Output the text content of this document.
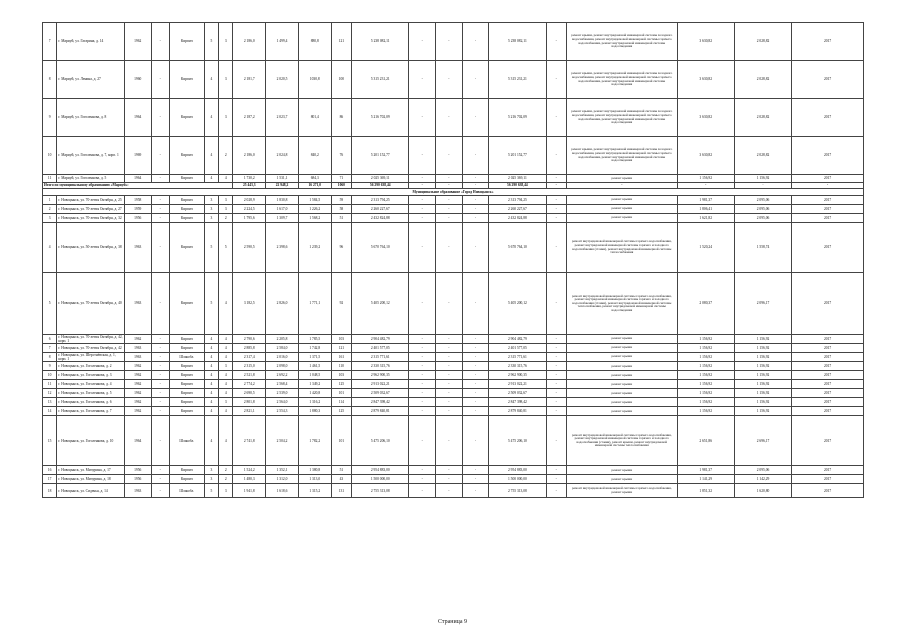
7	г. Мариуй, ул. Гагарина, д. 14	1962	-	Кирпич	5	3	2 186,0	1 499,4	880,8	121	5 238 082,11	-	-	-	5 238 082,11	-	ремонт крыши, ремонт внутридомовой инженерной системы холодного водоснабжения, ремонт внутридомовой инженерной системы горячего водоснабжения, ремонт внутридомовой инженерной системы водоотведения	3 630,82	2 028,82	2017
8	г. Мариуй, ул. Ленина, д. 27	1960	-	Кирпич	4	3	2 181,7	2 020,5	1030,8	100	5 315 231,21	-	-	-	5 315 231,21	-	ремонт крыши, ремонт внутридомовой инженерной системы холодного водоснабжения, ремонт внутридомовой инженерной системы горячего водоснабжения, ремонт внутридомовой инженерной системы водоотведения	3 630,82	2 028,82	2017
9	г. Мариуй, ул. Гоголенкова, д. 8	1964	-	Кирпич	4	3	2 187,2	2 023,7	801,4	86	5 216 702,09	-	-	-	5 216 702,09	-	ремонт крыши, ремонт внутридомовой инженерной системы холодного водоснабжения, ремонт внутридомовой инженерной системы горячего водоснабжения, ремонт внутридомовой инженерной системы водоотведения	3 630,82	2 028,82	2017
10	г. Мариуй, ул. Гоголенкова, д. 7, корп. 1	1969	-	Кирпич	4	2	2 186,0	2 024,8	840,2	76	5 201 152,77	-	-	-	5 201 152,77	-	ремонт крыши, ремонт внутридомовой инженерной системы холодного водоснабжения, ремонт внутридомовой инженерной системы горячего водоснабжения, ремонт внутридомовой инженерной системы водоотведения	3 630,82	2 028,82	2017
11	г. Мариуй, ул. Гоголенкова, д. 5	1964	-	Кирпич	4	4	1 730,2	1 531,1	684,3	71	2 025 369,11	-	-	-	2 025 369,11	-	ремонт крыши	1 156,92	1 156,92	2017
Итого по муниципальному образованию «Мариуй»:							25 443,3	22 948,2	16 271,0	1060	56 290 638,44	-	-	-	56 290 638,44	-	-	-	-	-
Муниципальное образование «Город Новоцынск»																				
1	г. Новоцынск, ул. 70-летия Октября, д. 25	1958	-	Кирпич	3	3	2 028,9	1 830,8	1 584,5	59	2 313 794,25	-	-	-	2 313 794,25	-	ремонт крыши	1 981,37	2 095,06	2017
2	г. Новоцынск, ул. 70-летия Октября, д. 27	1959	-	Кирпич	3	3	2 224,5	1 617,0	1 226,2	58	2 260 227,67	-	-	-	2 260 227,67	-	ремонт крыши	1 806,41	2 095,06	2017
3	г. Новоцынск, ул. 70-летия Октября, д. 32	1956	-	Кирпич	3	2	1 795,6	1 309,7	1 568,2	51	2 432 824,88	-	-	-	2 432 824,88	-	ремонт крыши	1 621,82	2 095,06	2017
4	г. Новоцынск, ул. 50-летия Октября, д. 38	1963	-	Кирпич	5	5	2 590,5	2 398,6	1 239,2	96	5 670 764,10	-	-	-	5 670 764,10	-	ремонт внутридомовой инженерной системы горячего водоснабжения, ремонт внутридомовой инженерной системы горячего и холодного водоснабжения (стояки), ремонт внутридомовой инженерной системы теплоснабжения	1 520,24	1 558,74	2017
5	г. Новоцынск, ул. 70-летия Октября, д. 40	1963	-	Кирпич	5	4	3 182,5	2 826,0	1 771,1	92	5 405 200,12	-	-	-	5 405 200,12	-	ремонт внутридомовой инженерной системы горячего водоснабжения, ремонт внутридомовой инженерной системы горячего и холодного водоснабжения (стояки), ремонт внутридомовой инженерной системы теплоснабжения, ремонт внутридомовой инженерной системы водоотведения	2 080,37	2 096,17	2017
6	г. Новоцынск, ул. 70-летия Октября, д. 42, корп. 1	1962	-	Кирпич	4	4	2 790,6	2 205,8	1 785,5	103	2 904 482,79	-	-	-	2 904 482,79	-	ремонт крыши	1 156,92	1 156,92	2017
7	г. Новоцынск, ул. 70-летия Октября, д. 42	1963	-	Кирпич	4	4	2 885,8	2 584,0	1 742,8	121	2 401 577,05	-	-	-	2 401 577,05	-	ремонт крыши	1 156,92	1 156,92	2017
8	г. Новоцынск, ул. Шерстнёвская, д. 1, корп. 1	1963	-	Шлакобл.	4	4	2 317,4	2 016,0	1 371,5	161	2 315 771,61	-	-	-	2 315 771,61	-	ремонт крыши	1 156,92	1 156,92	2017
9	г. Новоцынск, ул. Гоголенкова, д. 2	1962	-	Кирпич	4	3	2 315,0	2 098,0	1 461,5	110	2 330 315,76	-	-	-	2 330 315,76	-	ремонт крыши	1 156,92	1 156,92	2017
10	г. Новоцынск, ул. Гоголенкова, д. 3	1962	-	Кирпич	4	4	2 521,8	2 692,2	1 048,5	103	2 962 900,35	-	-	-	2 962 900,35	-	ремонт крыши	1 156,92	1 156,92	2017
11	г. Новоцынск, ул. Гоголенкова, д. 4	1962	-	Кирпич	4	4	2 774,2	2 568,4	1 349,2	125	2 913 022,21	-	-	-	2 913 022,21	-	ремонт крыши	1 156,92	1 156,92	2017
12	г. Новоцынск, ул. Гоголенкова, д. 5	1962	-	Кирпич	4	4	2 690,5	2 539,0	1 420,8	101	2 509 032,67	-	-	-	2 509 032,67	-	ремонт крыши	1 156,92	1 156,92	2017
13	г. Новоцынск, ул. Гоголенкова, д. 6	1962	-	Кирпич	4	3	2 801,8	2 564,0	1 316,2	114	2 847 398,42	-	-	-	2 847 398,42	-	ремонт крыши	1 156,92	1 156,92	2017
14	г. Новоцынск, ул. Гоголенкова, д. 7	1962	-	Кирпич	4	4	2 821,1	2 554,3	1 880,3	125	2 879 840,81	-	-	-	2 879 840,81	-	ремонт крыши	1 156,92	1 156,92	2017
15	г. Новоцынск, ул. Гоголенкова, д. 10	1964	-	Шлакобл.	4	4	2 741,8	2 504,2	1 782,2	101	5 475 206,10	-	-	-	5 475 206,10	-	ремонт внутридомовой инженерной системы горячего водоснабжения, ремонт внутридомовой инженерной системы горячего и холодного водоснабжения (стояки), ремонт крыши, ремонт внутридомовой инженерной системы теплоснабжения	2 651,86	2 696,17	2017
16	г. Новоцынск, ул. Мичурина, д. 17	1956	-	Кирпич	3	2	1 524,2	1 352,1	1 380,8	51	2 954 883,00	-	-	-	2 954 883,00	-	ремонт крыши	1 981,37	2 095,06	2017
17	г. Новоцынск, ул. Мичурина, д. 18	1956	-	Кирпич	3	2	1 480,3	1 312,0	1 313,0	43	1 500 000,00	-	-	-	1 500 000,00	-	ремонт крыши	1 141,29	1 142,29	2017
18	г. Новоцынск, ул. Сиденья, д. 14	1963	-	Шлакобл.	5	3	1 941,8	1 618,6	1 315,2	131	2 755 313,08	-	-	-	2 755 313,08	-	ремонт внутридомовой инженерной системы горячего водоснабжения, ремонт крыши	1 851,32	1 620,80	2017
Страница 9
